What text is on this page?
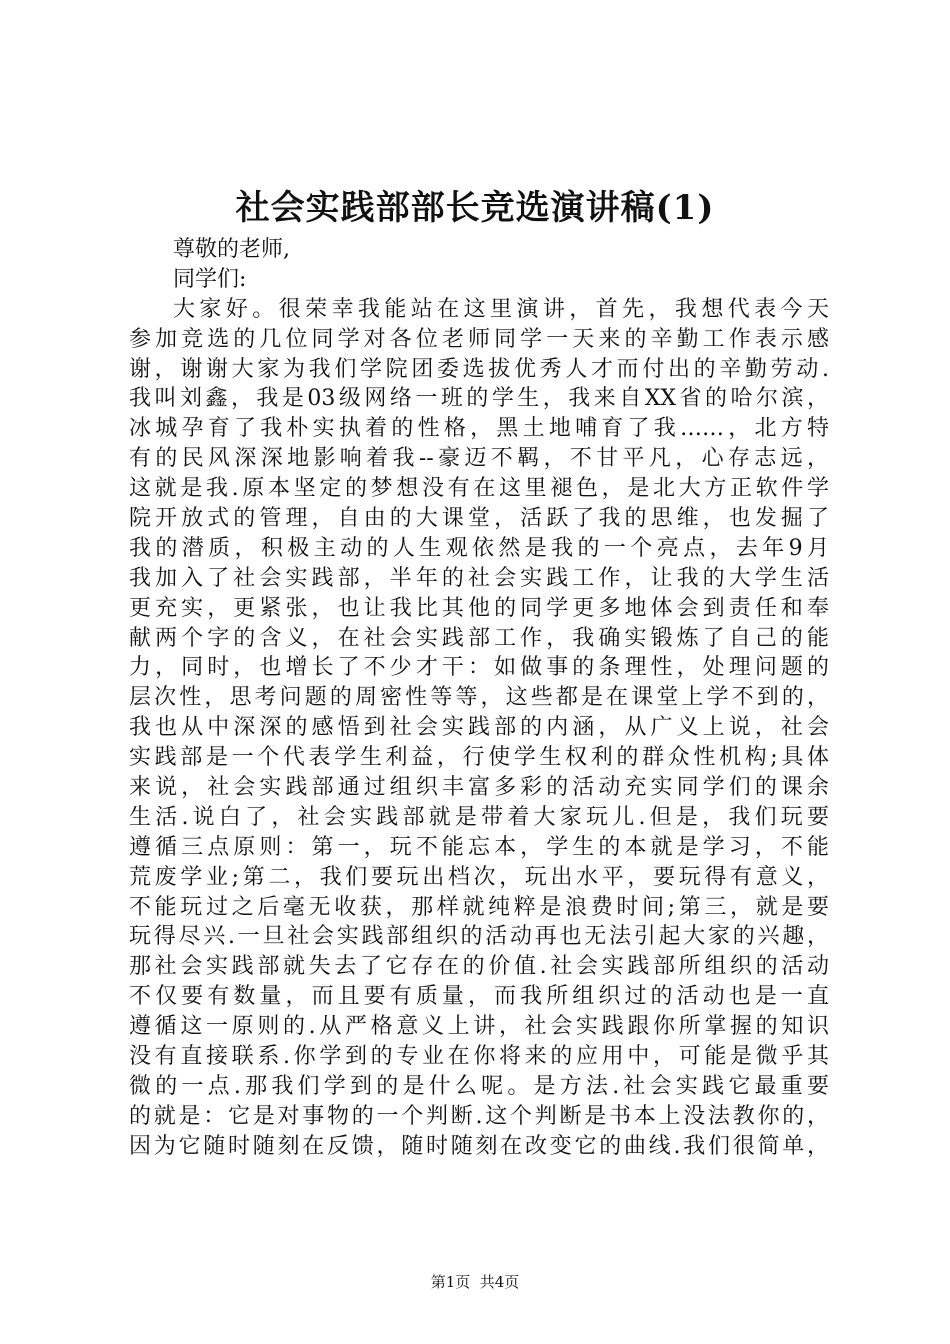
社会实践部部长竞选演讲稿(1)
尊敬的老师,
同学们:
大家好。很荣幸我能站在这里演讲，首先，我想代表今天
参加竞选的几位同学对各位老师同学一天来的辛勤工作表示感
谢，谢谢大家为我们学院团委选拔优秀人才而付出的辛勤劳动.
我叫刘鑫，我是03级网络一班的学生，我来自XX省的哈尔滨，
冰城孕育了我朴实执着的性格，黑土地哺育了我……，北方特
有的民风深深地影响着我--豪迈不羁，不甘平凡，心存志远，
这就是我.原本坚定的梦想没有在这里褪色，是北大方正软件学
院开放式的管理，自由的大课堂，活跃了我的思维，也发掘了
我的潜质，积极主动的人生观依然是我的一个亮点，去年9月
我加入了社会实践部，半年的社会实践工作，让我的大学生活
更充实，更紧张，也让我比其他的同学更多地体会到责任和奉
献两个字的含义，在社会实践部工作，我确实锻炼了自己的能
力，同时，也增长了不少才干：如做事的条理性，处理问题的
层次性，思考问题的周密性等等，这些都是在课堂上学不到的，
我也从中深深的感悟到社会实践部的内涵，从广义上说，社会
实践部是一个代表学生利益，行使学生权利的群众性机构;具体
来说，社会实践部通过组织丰富多彩的活动充实同学们的课余
生活.说白了，社会实践部就是带着大家玩儿.但是，我们玩要
遵循三点原则：第一，玩不能忘本，学生的本就是学习，不能
荒废学业;第二，我们要玩出档次，玩出水平，要玩得有意义，
不能玩过之后毫无收获，那样就纯粹是浪费时间;第三，就是要
玩得尽兴.一旦社会实践部组织的活动再也无法引起大家的兴趣，
那社会实践部就失去了它存在的价值.社会实践部所组织的活动
不仅要有数量，而且要有质量，而我所组织过的活动也是一直
遵循这一原则的.从严格意义上讲，社会实践跟你所掌握的知识
没有直接联系.你学到的专业在你将来的应用中，可能是微乎其
微的一点.那我们学到的是什么呢。是方法.社会实践它最重要
的就是：它是对事物的一个判断.这个判断是书本上没法教你的，
因为它随时随刻在反馈，随时随刻在改变它的曲线.我们很简单，
第1页  共4页
